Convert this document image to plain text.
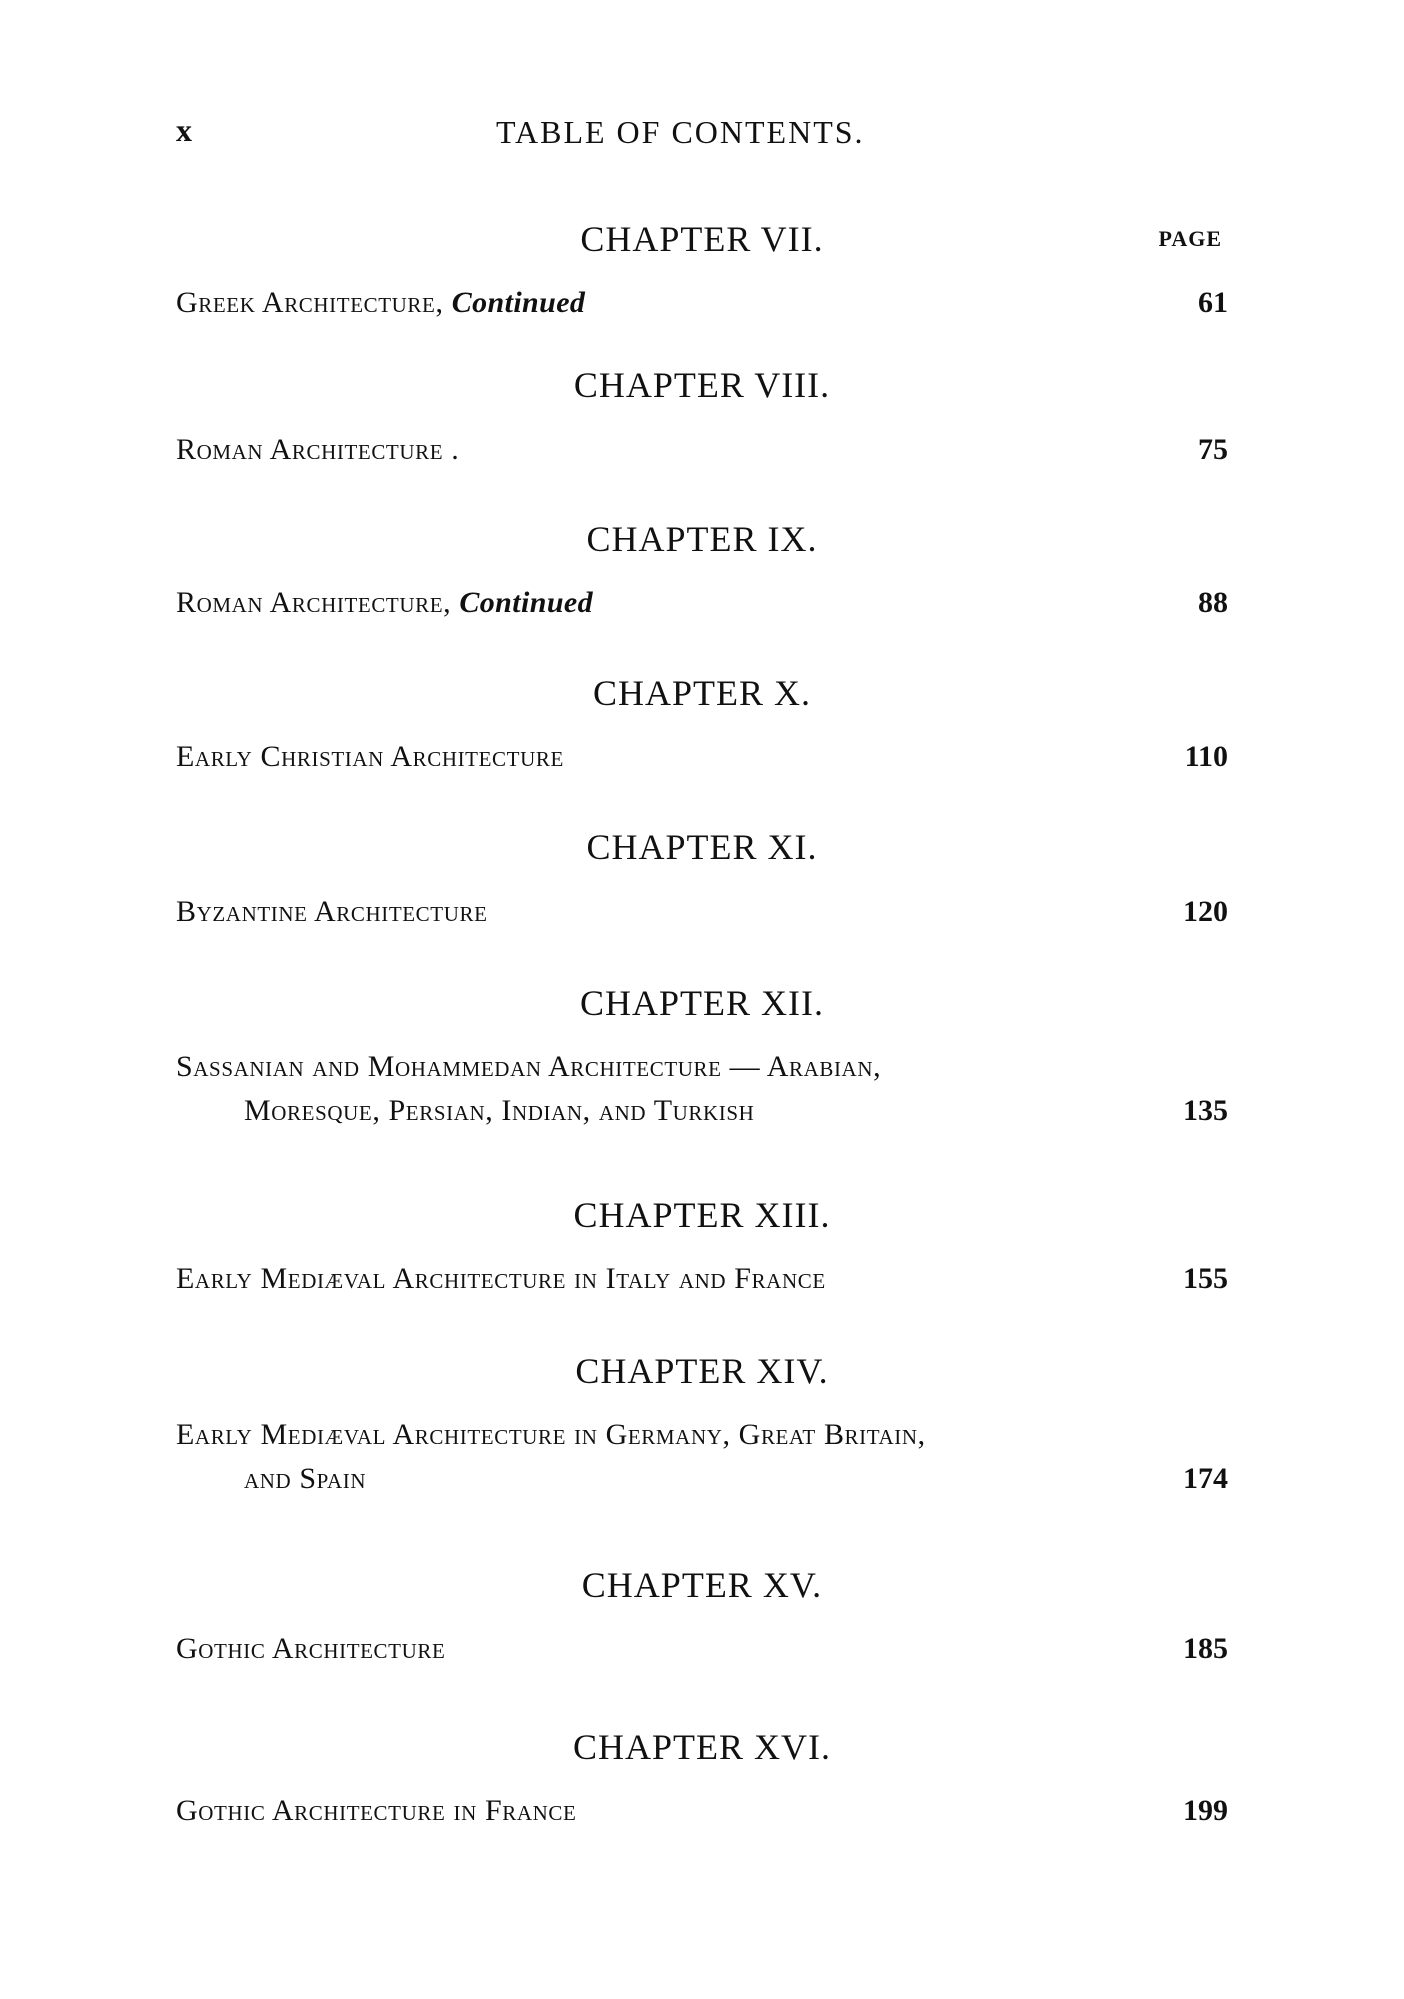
x	TABLE OF CONTENTS.
PAGE
CHAPTER VII.
Greek Architecture, Continued	61
CHAPTER VIII.
Roman Architecture .	75
CHAPTER IX.
Roman Architecture, Continued	88
CHAPTER X.
Early Christian Architecture	110
CHAPTER XI.
Byzantine Architecture	120
CHAPTER XII.
Sassanian and Mohammedan Architecture — Arabian,
Moresque, Persian, Indian, and Turkish	135
CHAPTER XIII.
Early Mediæval Architecture in Italy and France	155
CHAPTER XIV.
Early Mediæval Architecture in Germany, Great Britain,
and Spain	174
CHAPTER XV.
Gothic Architecture	185
CHAPTER XVI.
Gothic Architecture in France	199
